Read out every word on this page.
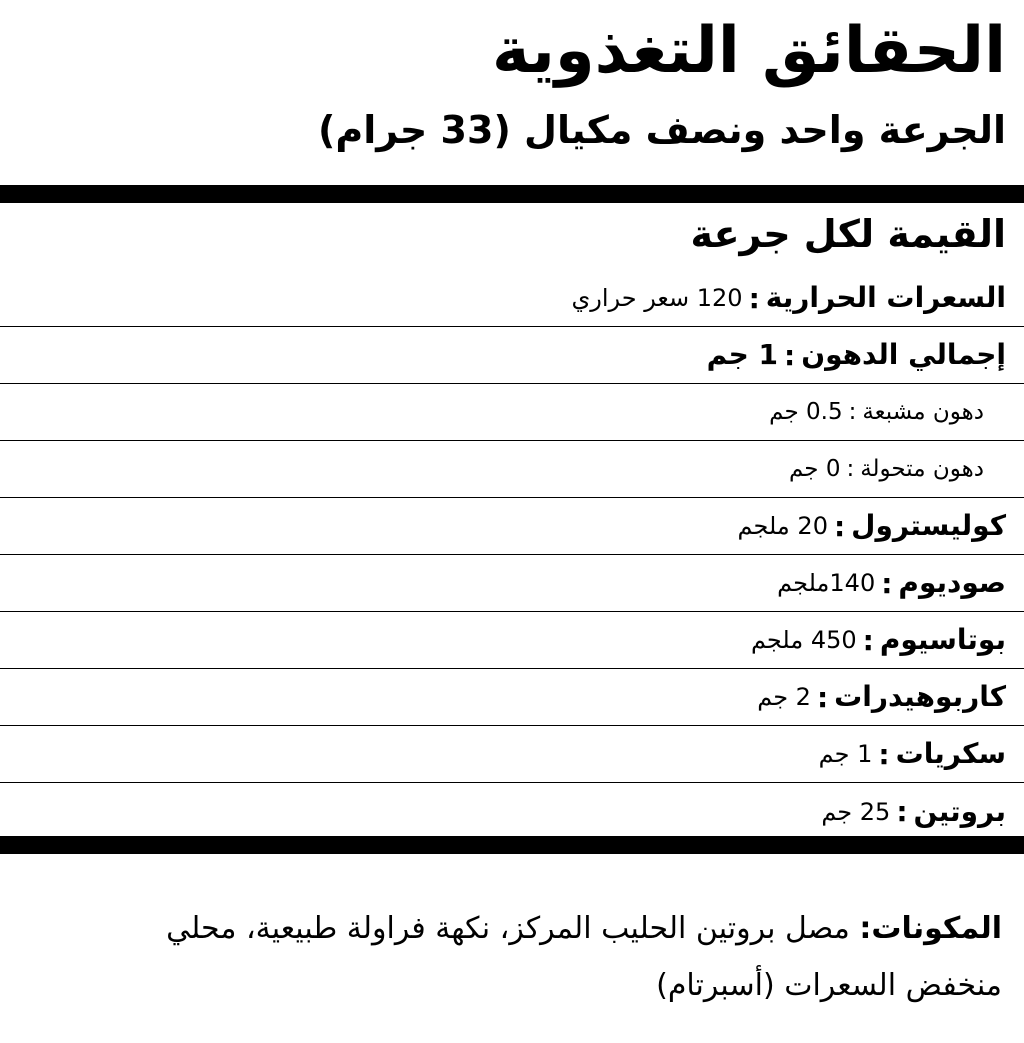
الحقائق التغذوية
الجرعة واحد ونصف مكيال (33 جرام)
القيمة لكل جرعة
السعرات الحرارية
:
120 سعر حراري
إجمالي الدهون
:
1 جم
دهون مشبعة
:
0.5 جم
دهون متحولة
:
0 جم
كوليسترول
:
20 ملجم
صوديوم
:
140ملجم
بوتاسيوم
:
450 ملجم
كاربوهيدرات
:
2 جم
سكريات
:
1 جم
بروتين
:
25 جم

المكونات: مصل بروتين الحليب المركز، نكهة فراولة طبيعية، محلي منخفض السعرات (أسبرتام)
